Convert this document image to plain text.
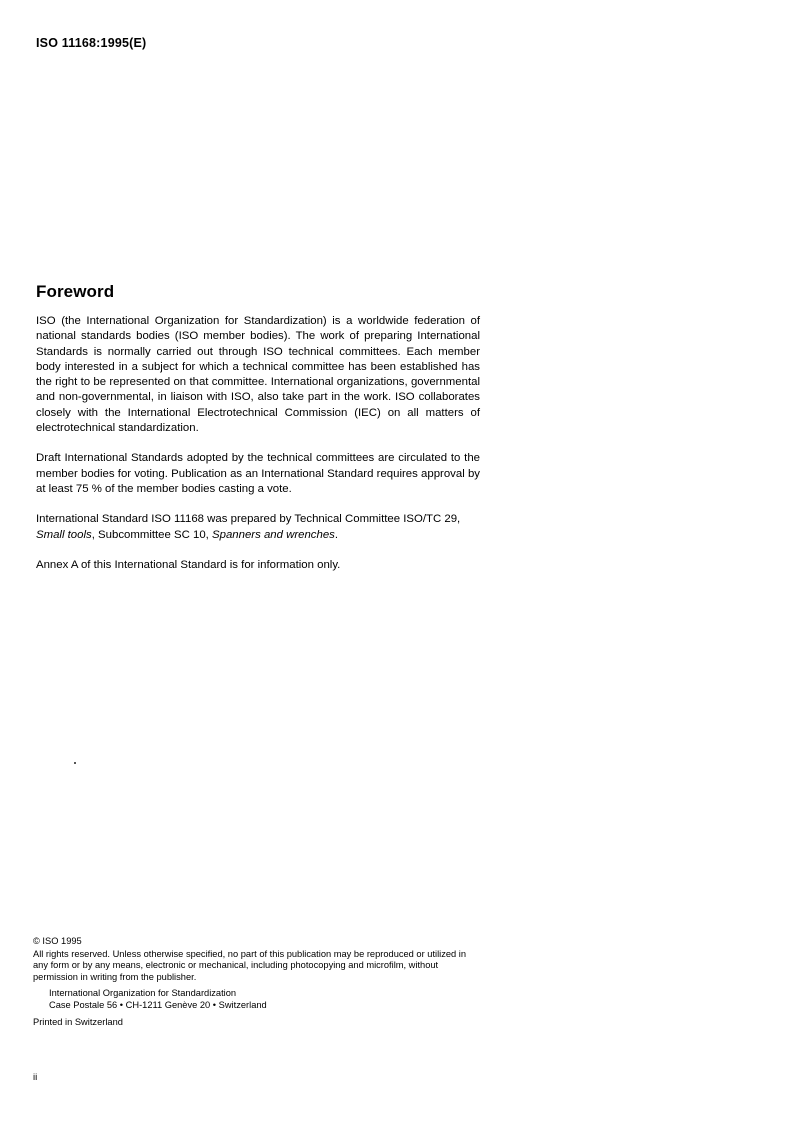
ISO 11168:1995(E)
Foreword

ISO (the International Organization for Standardization) is a worldwide federation of national standards bodies (ISO member bodies). The work of preparing International Standards is normally carried out through ISO technical committees. Each member body interested in a subject for which a technical committee has been established has the right to be represented on that committee. International organizations, governmental and non-governmental, in liaison with ISO, also take part in the work. ISO collaborates closely with the International Electrotechnical Commission (IEC) on all matters of electrotechnical standardization.

Draft International Standards adopted by the technical committees are circulated to the member bodies for voting. Publication as an International Standard requires approval by at least 75 % of the member bodies casting a vote.

International Standard ISO 11168 was prepared by Technical Committee ISO/TC 29, Small tools, Subcommittee SC 10, Spanners and wrenches.

Annex A of this International Standard is for information only.

© ISO 1995
All rights reserved. Unless otherwise specified, no part of this publication may be reproduced or utilized in any form or by any means, electronic or mechanical, including photocopying and microfilm, without permission in writing from the publisher.
International Organization for Standardization
Case Postale 56 • CH-1211 Genève 20 • Switzerland
Printed in Switzerland
ii
